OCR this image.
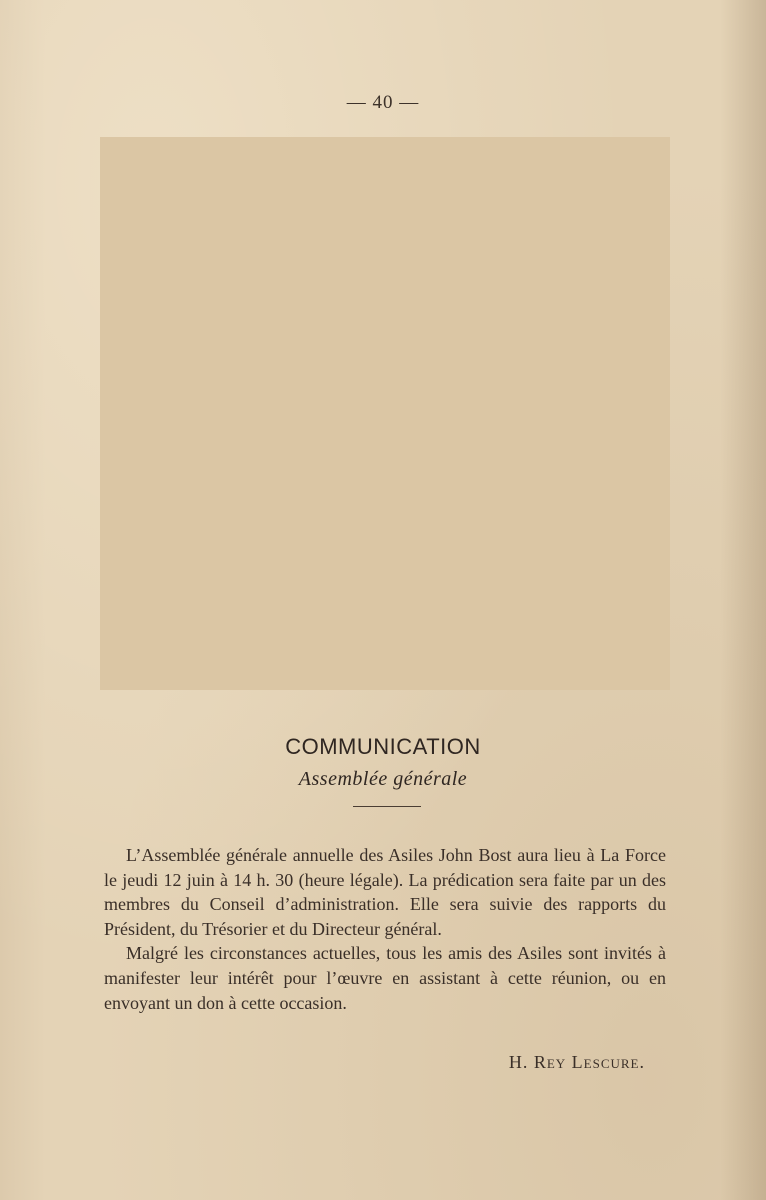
— 40 —
COMMUNICATION
Assemblée générale

L’Assemblée générale annuelle des Asiles John Bost aura lieu à La Force le jeudi 12 juin à 14 h. 30 (heure légale). La prédication sera faite par un des membres du Conseil d’administration. Elle sera suivie des rapports du Président, du Trésorier et du Directeur général.

Malgré les circonstances actuelles, tous les amis des Asiles sont invités à manifester leur intérêt pour l’œuvre en assistant à cette réunion, ou en envoyant un don à cette occasion.

H. Rey Lescure.
